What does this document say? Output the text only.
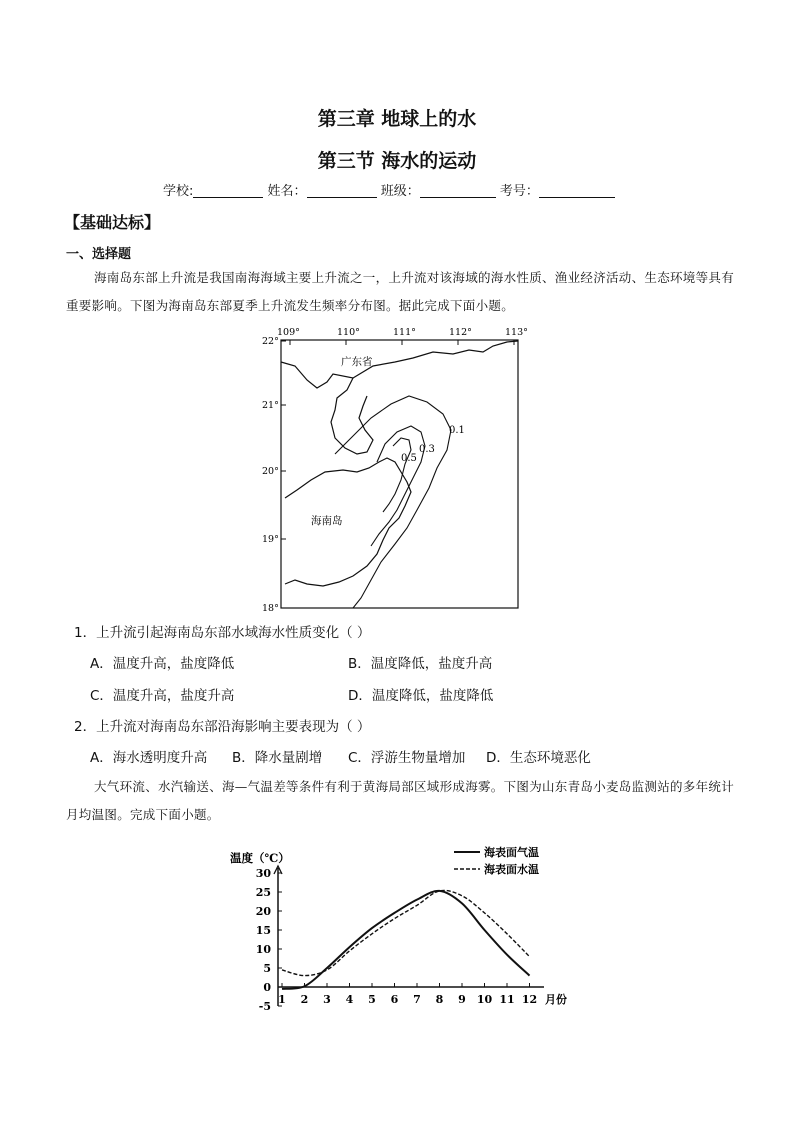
第三章 地球上的水
第三节 海水的运动
学校:	姓名：	班级：	考号：
【基础达标】
一、选择题
海南岛东部上升流是我国南海海域主要上升流之一，上升流对该海域的海水性质、渔业经济活动、生态环境等具有重要影响。下图为海南岛东部夏季上升流发生频率分布图。据此完成下面小题。
109°	110°	111°	112°	113°
22°
21°
20°
19°
18°
0.1
0.3
0.5
广东省
海南岛
1．上升流引起海南岛东部水域海水性质变化（ ）
A．温度升高，盐度降低	B．温度降低，盐度升高
C．温度升高，盐度升高	D．温度降低，盐度降低
2．上升流对海南岛东部沿海影响主要表现为（ ）
A．海水透明度升高 B．降水量剧增 C．浮游生物量增加 D．生态环境恶化
大气环流、水汽输送、海—气温差等条件有利于黄海局部区域形成海雾。下图为山东青岛小麦岛监测站的多年统计月均温图。完成下面小题。
温度（℃）
月份
30
25
20
15
10
5
0
-5
1 2 3 4 5 6 7 8 9 10 11 12
海表面气温
海表面水温
